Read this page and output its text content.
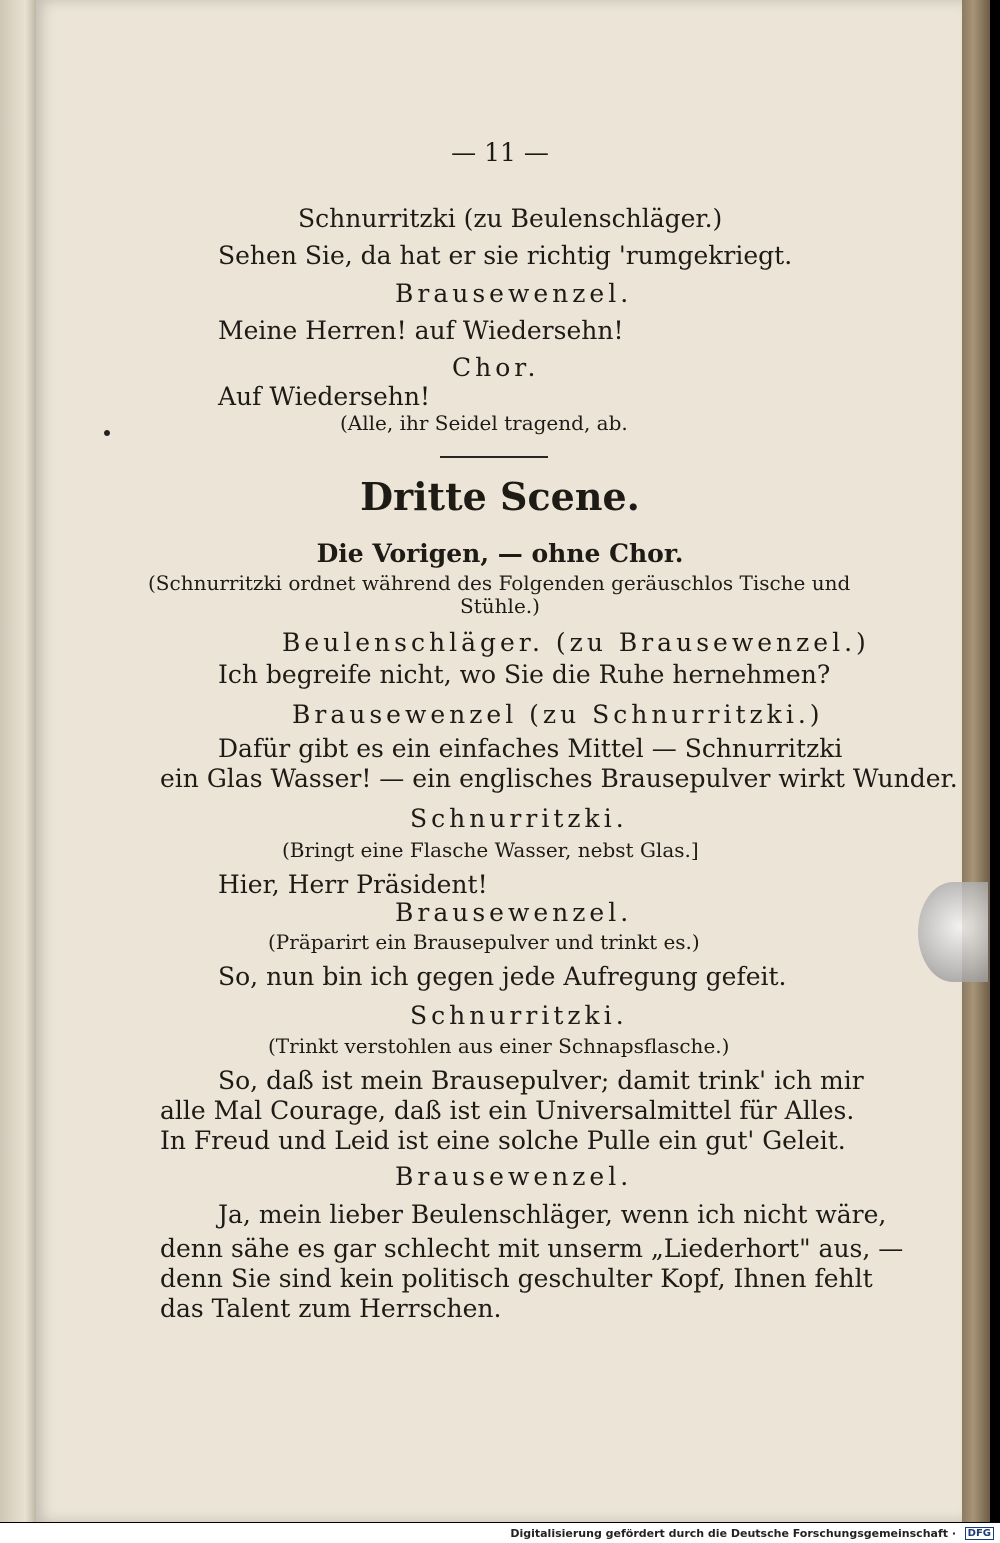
— 11 —
Schnurritzki (zu Beulenschläger.)
Sehen Sie, da hat er sie richtig 'rumgekriegt.
Brausewenzel.
Meine Herren! auf Wiedersehn!
Chor.
Auf Wiedersehn!
(Alle, ihr Seidel tragend, ab.
Dritte Scene.
Die Vorigen, — ohne Chor.
(Schnurritzki ordnet während des Folgenden geräuschlos Tische und
Stühle.)
Beulenschläger. (zu Brausewenzel.)
Ich begreife nicht, wo Sie die Ruhe hernehmen?
Brausewenzel (zu Schnurritzki.)
Dafür gibt es ein einfaches Mittel — Schnurritzki
ein Glas Wasser! — ein englisches Brausepulver wirkt Wunder.
Schnurritzki.
(Bringt eine Flasche Wasser, nebst Glas.]
Hier, Herr Präsident!
Brausewenzel.
(Präparirt ein Brausepulver und trinkt es.)
So, nun bin ich gegen jede Aufregung gefeit.
Schnurritzki.
(Trinkt verstohlen aus einer Schnapsflasche.)
So, daß ist mein Brausepulver; damit trink' ich mir
alle Mal Courage, daß ist ein Universalmittel für Alles.
In Freud und Leid ist eine solche Pulle ein gut' Geleit.
Brausewenzel.
Ja, mein lieber Beulenschläger, wenn ich nicht wäre,
denn sähe es gar schlecht mit unserm „Liederhort" aus, —
denn Sie sind kein politisch geschulter Kopf, Ihnen fehlt
das Talent zum Herrschen.
Digitalisierung gefördert durch die Deutsche Forschungsgemeinschaft ·	DFG
